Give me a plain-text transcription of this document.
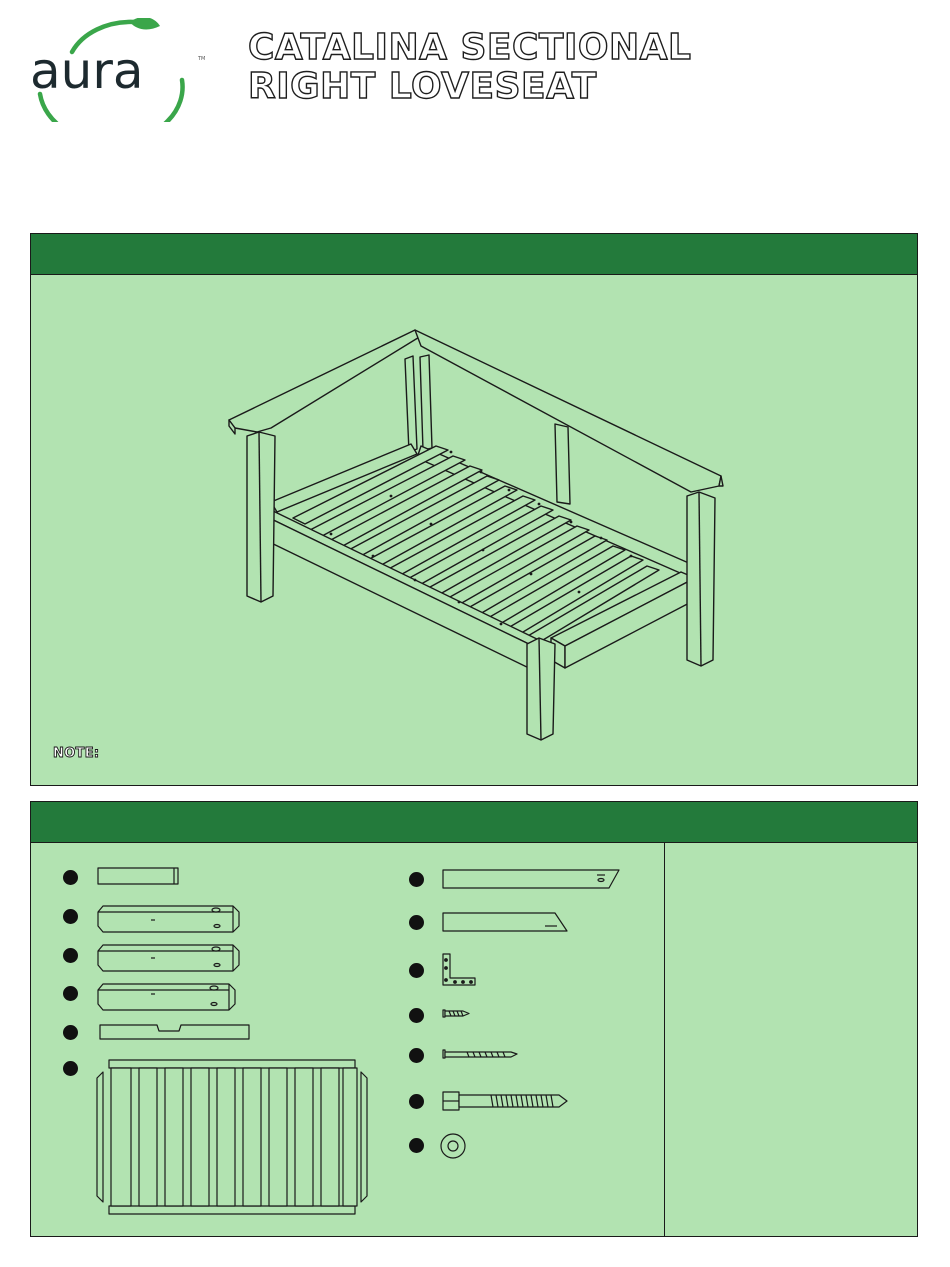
aura	TM CATALINA SECTIONAL
RIGHT LOVESEAT

NOTE:
